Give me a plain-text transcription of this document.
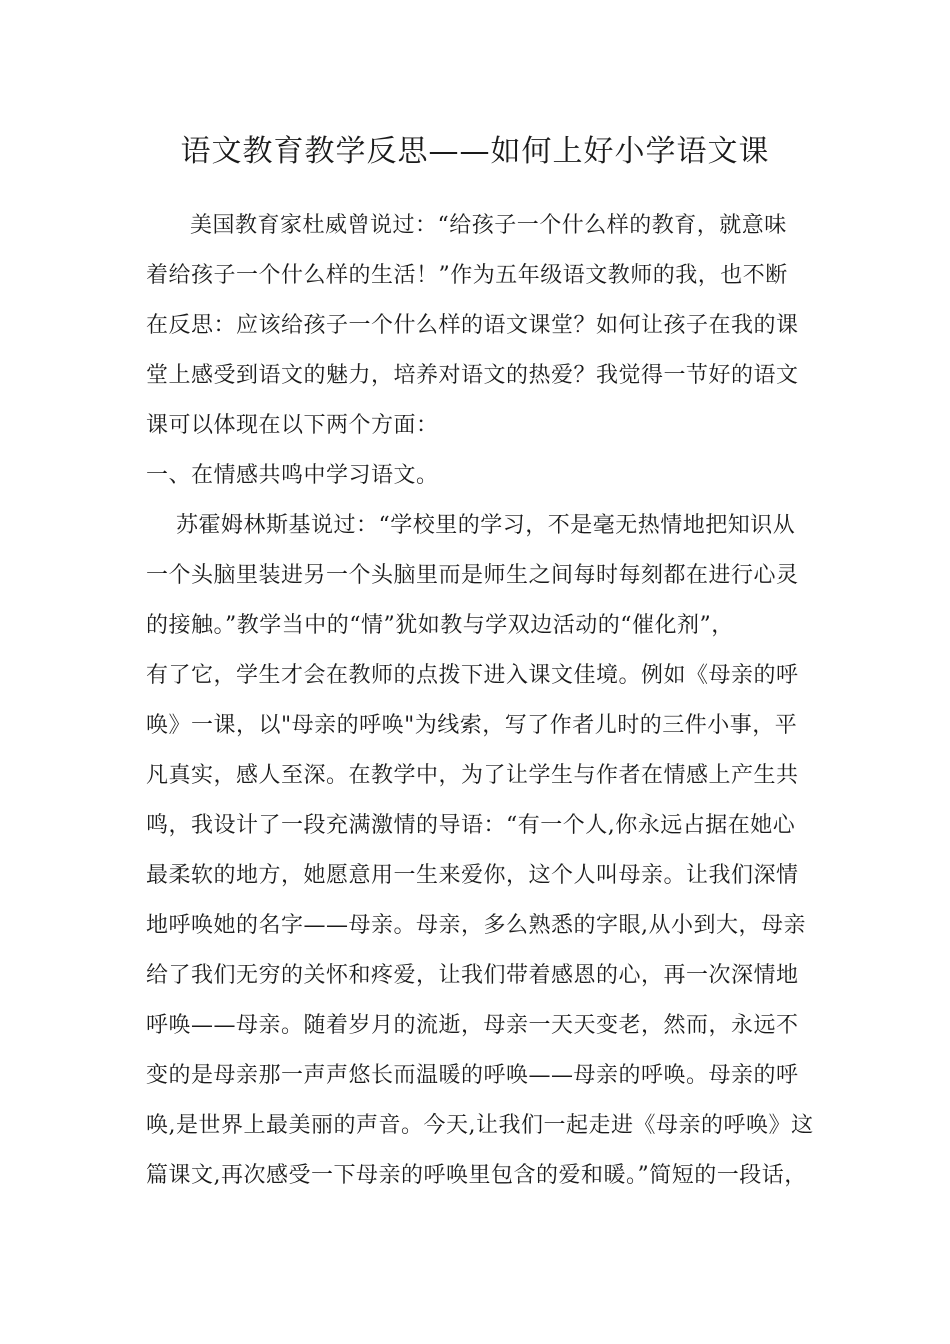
语文教育教学反思——如何上好小学语文课
美国教育家杜威曾说过：“给孩子一个什么样的教育，就意味
着给孩子一个什么样的生活！”作为五年级语文教师的我，也不断
在反思：应该给孩子一个什么样的语文课堂？如何让孩子在我的课
堂上感受到语文的魅力，培养对语文的热爱？我觉得一节好的语文
课可以体现在以下两个方面：
一、在情感共鸣中学习语文。
苏霍姆林斯基说过：“学校里的学习，不是毫无热情地把知识从
一个头脑里装进另一个头脑里而是师生之间每时每刻都在进行心灵
的接触。”教学当中的“情”犹如教与学双边活动的“催化剂”，
有了它，学生才会在教师的点拨下进入课文佳境。例如《母亲的呼
唤》一课，以"母亲的呼唤"为线索，写了作者儿时的三件小事，平
凡真实，感人至深。在教学中，为了让学生与作者在情感上产生共
鸣，我设计了一段充满激情的导语：“有一个人,你永远占据在她心
最柔软的地方，她愿意用一生来爱你，这个人叫母亲。让我们深情
地呼唤她的名字——母亲。母亲，多么熟悉的字眼,从小到大，母亲
给了我们无穷的关怀和疼爱，让我们带着感恩的心，再一次深情地
呼唤——母亲。随着岁月的流逝，母亲一天天变老，然而，永远不
变的是母亲那一声声悠长而温暖的呼唤——母亲的呼唤。母亲的呼
唤,是世界上最美丽的声音。今天,让我们一起走进《母亲的呼唤》这
篇课文,再次感受一下母亲的呼唤里包含的爱和暖。”简短的一段话，
